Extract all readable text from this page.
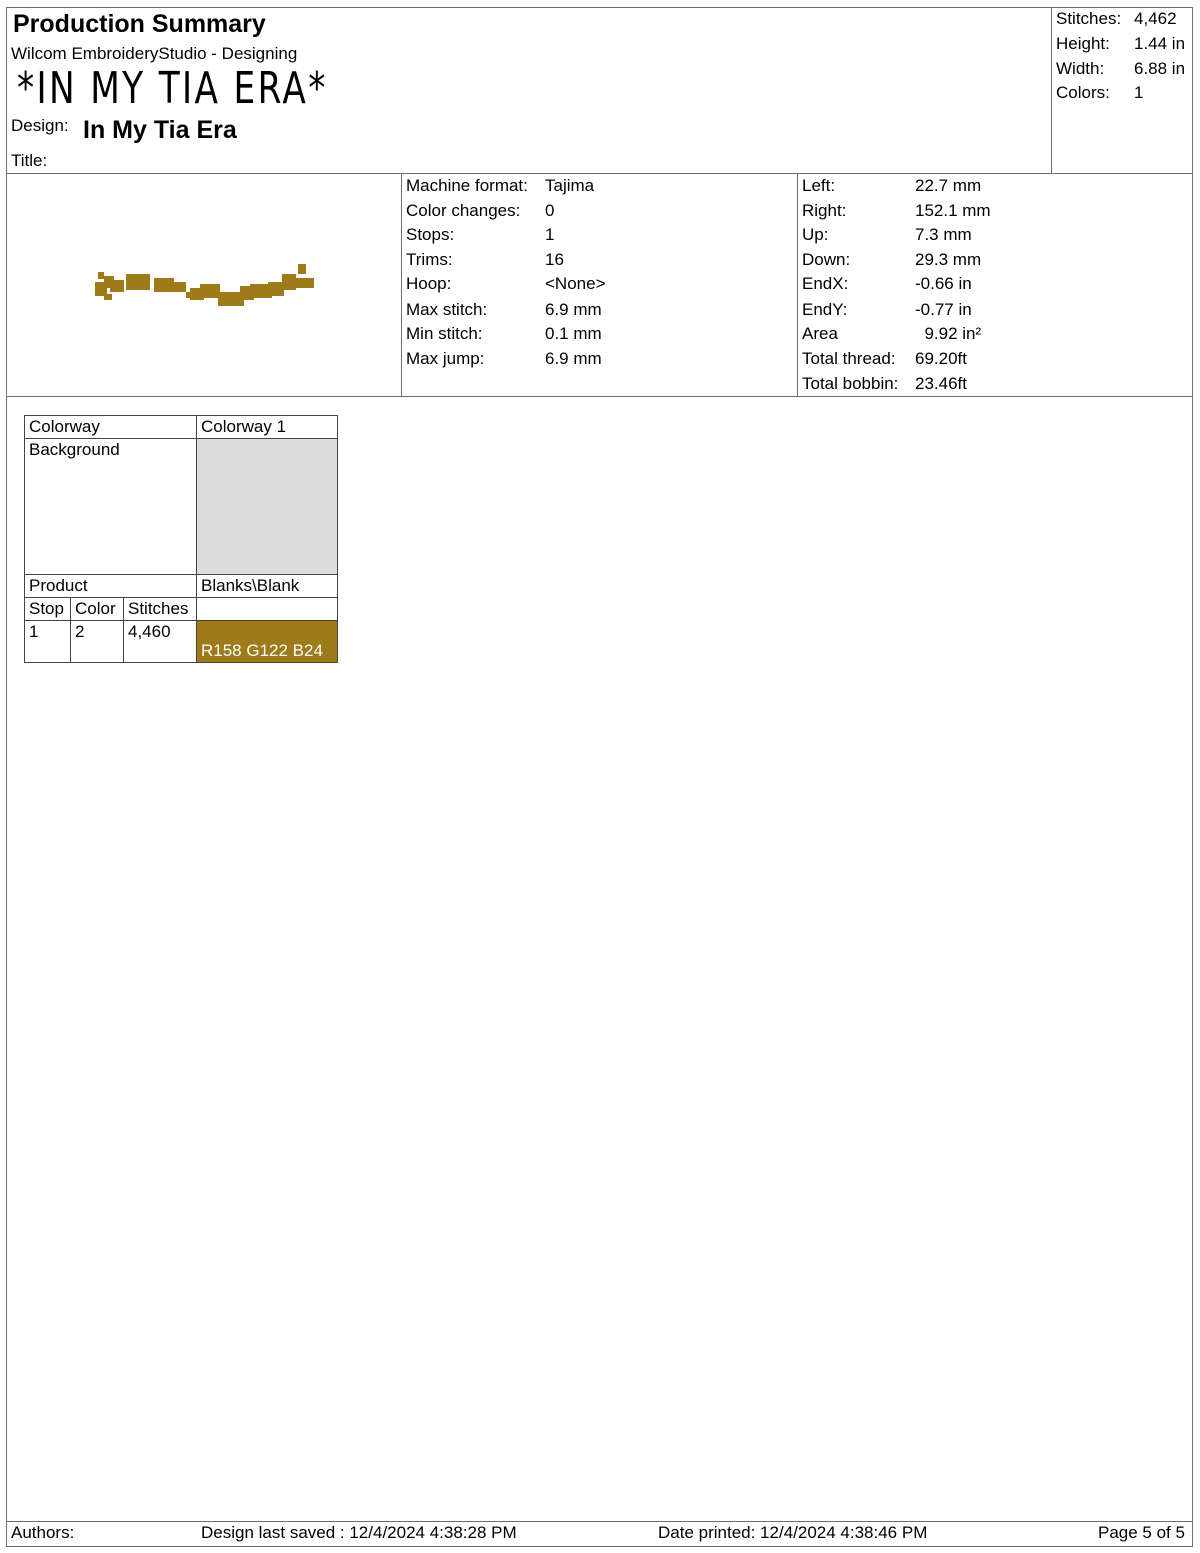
Production Summary
Wilcom EmbroideryStudio - Designing
*IN MY TIA ERA*
Design: In My Tia Era
Title:
Stitches: 4,462
Height: 1.44 in
Width: 6.88 in
Colors: 1
Machine format: Tajima
Color changes: 0
Stops:	1
Trims:	16
Hoop:	<None>
Max stitch:	6.9 mm
Min stitch:	0.1 mm
Max jump:	6.9 mm
Left:	22.7 mm
Right:	152.1 mm
Up:	7.3 mm
Down:	29.3 mm
EndX:	-0.66 in
EndY:	-0.77 in
Area	9.92 in²
Total thread: 69.20ft
Total bobbin: 23.46ft
Colorway			Colorway 1
Background			
Product			Blanks\Blank
Stop	Color	Stitches	
1	2	4,460	R158 G122 B24
Authors:	Design last saved : 12/4/2024 4:38:28 PM	Date printed: 12/4/2024 4:38:46 PM	Page 5 of 5
